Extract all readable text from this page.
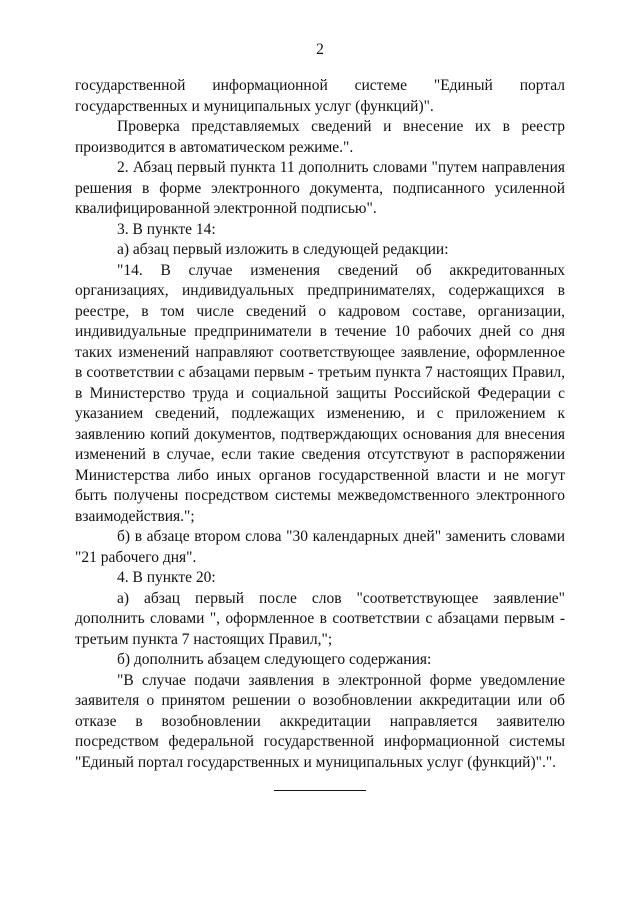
2

государственной информационной системе "Единый портал государственных и муниципальных услуг (функций)".

Проверка представляемых сведений и внесение их в реестр производится в автоматическом режиме.".

2. Абзац первый пункта 11 дополнить словами "путем направления решения в форме электронного документа, подписанного усиленной квалифицированной электронной подписью".

3. В пункте 14:

а) абзац первый изложить в следующей редакции:

"14. В случае изменения сведений об аккредитованных организациях, индивидуальных предпринимателях, содержащихся в реестре, в том числе сведений о кадровом составе, организации, индивидуальные предприниматели в течение 10 рабочих дней со дня таких изменений направляют соответствующее заявление, оформленное в соответствии с абзацами первым - третьим пункта 7 настоящих Правил, в Министерство труда и социальной защиты Российской Федерации с указанием сведений, подлежащих изменению, и с приложением к заявлению копий документов, подтверждающих основания для внесения изменений в случае, если такие сведения отсутствуют в распоряжении Министерства либо иных органов государственной власти и не могут быть получены посредством системы межведомственного электронного взаимодействия.";

б) в абзаце втором слова "30 календарных дней" заменить словами "21 рабочего дня".

4. В пункте 20:

а) абзац первый после слов "соответствующее заявление" дополнить словами ", оформленное в соответствии с абзацами первым - третьим пункта 7 настоящих Правил,";

б) дополнить абзацем следующего содержания:

"В случае подачи заявления в электронной форме уведомление заявителя о принятом решении о возобновлении аккредитации или об отказе в возобновлении аккредитации направляется заявителю посредством федеральной государственной информационной системы "Единый портал государственных и муниципальных услуг (функций)".".
